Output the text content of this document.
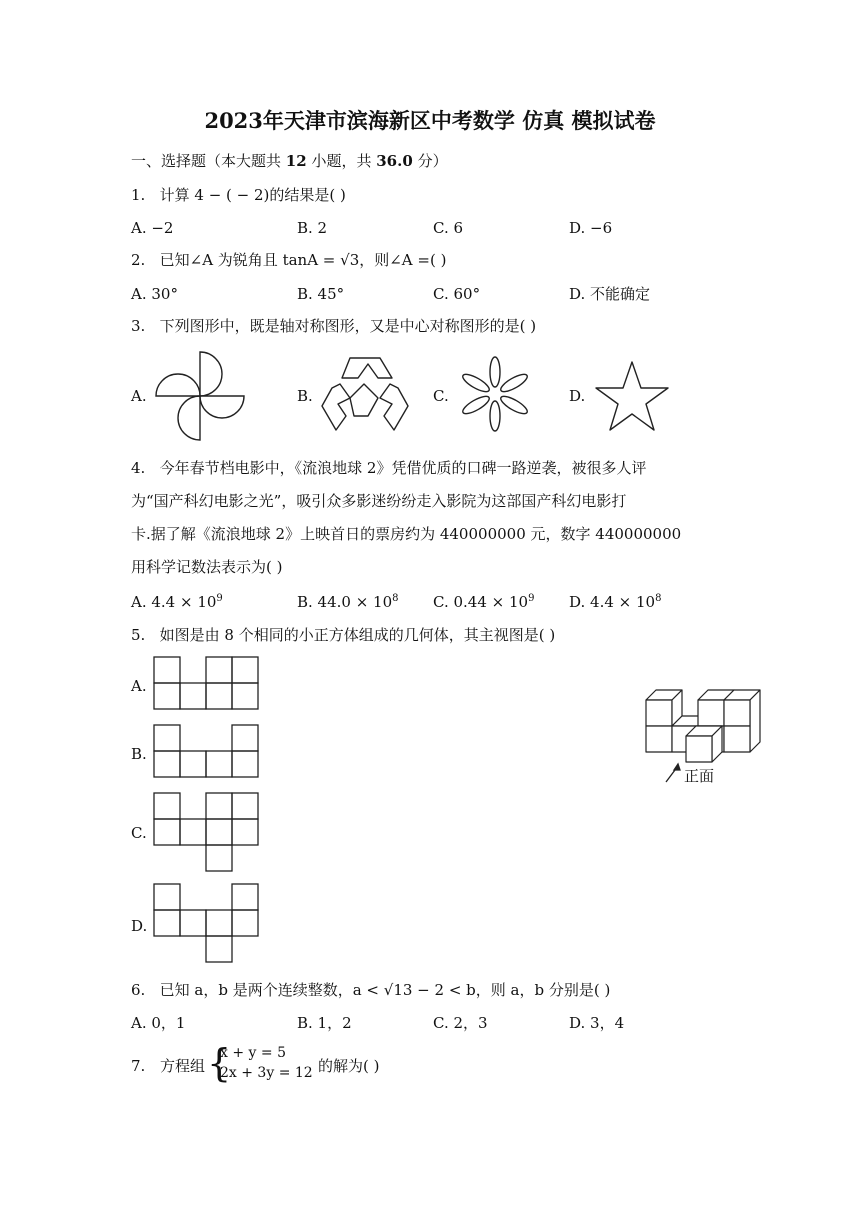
2023年天津市滨海新区中考数学 仿真 模拟试卷
一、选择题（本大题共 12 小题，共 36.0 分）
1. 计算 4 − ( − 2)的结果是( )
A. −2	B. 2	C. 6	D. −6
2. 已知∠A 为锐角且 tanA = √3，则∠A =( )
A. 30°	B. 45°	C. 60°	D. 不能确定
3. 下列图形中，既是轴对称图形，又是中心对称图形的是( )
A.	B.	C.	D.
4. 今年春节档电影中，《流浪地球 2》凭借优质的口碑一路逆袭，被很多人评
为“国产科幻电影之光”，吸引众多影迷纷纷走入影院为这部国产科幻电影打
卡.据了解《流浪地球 2》上映首日的票房约为 440000000 元，数字 440000000
用科学记数法表示为( )
A. $4.4 \times 10^9$	B. $44.0 \times 10^8$ C. $0.44 \times 10^9$ D. $4.4 \times 10^8$
5. 如图是由 8 个相同的小正方体组成的几何体，其主视图是( )
A.
B.
C.
D.
正面
6. 已知 a，b 是两个连续整数，a < √13 − 2 < b，则 a，b 分别是( )
A. 0，1	B. 1，2	C. 2，3	D. 3，4
7. 方程组 {
x + y = 5
2x + 3y = 12 的解为( )
